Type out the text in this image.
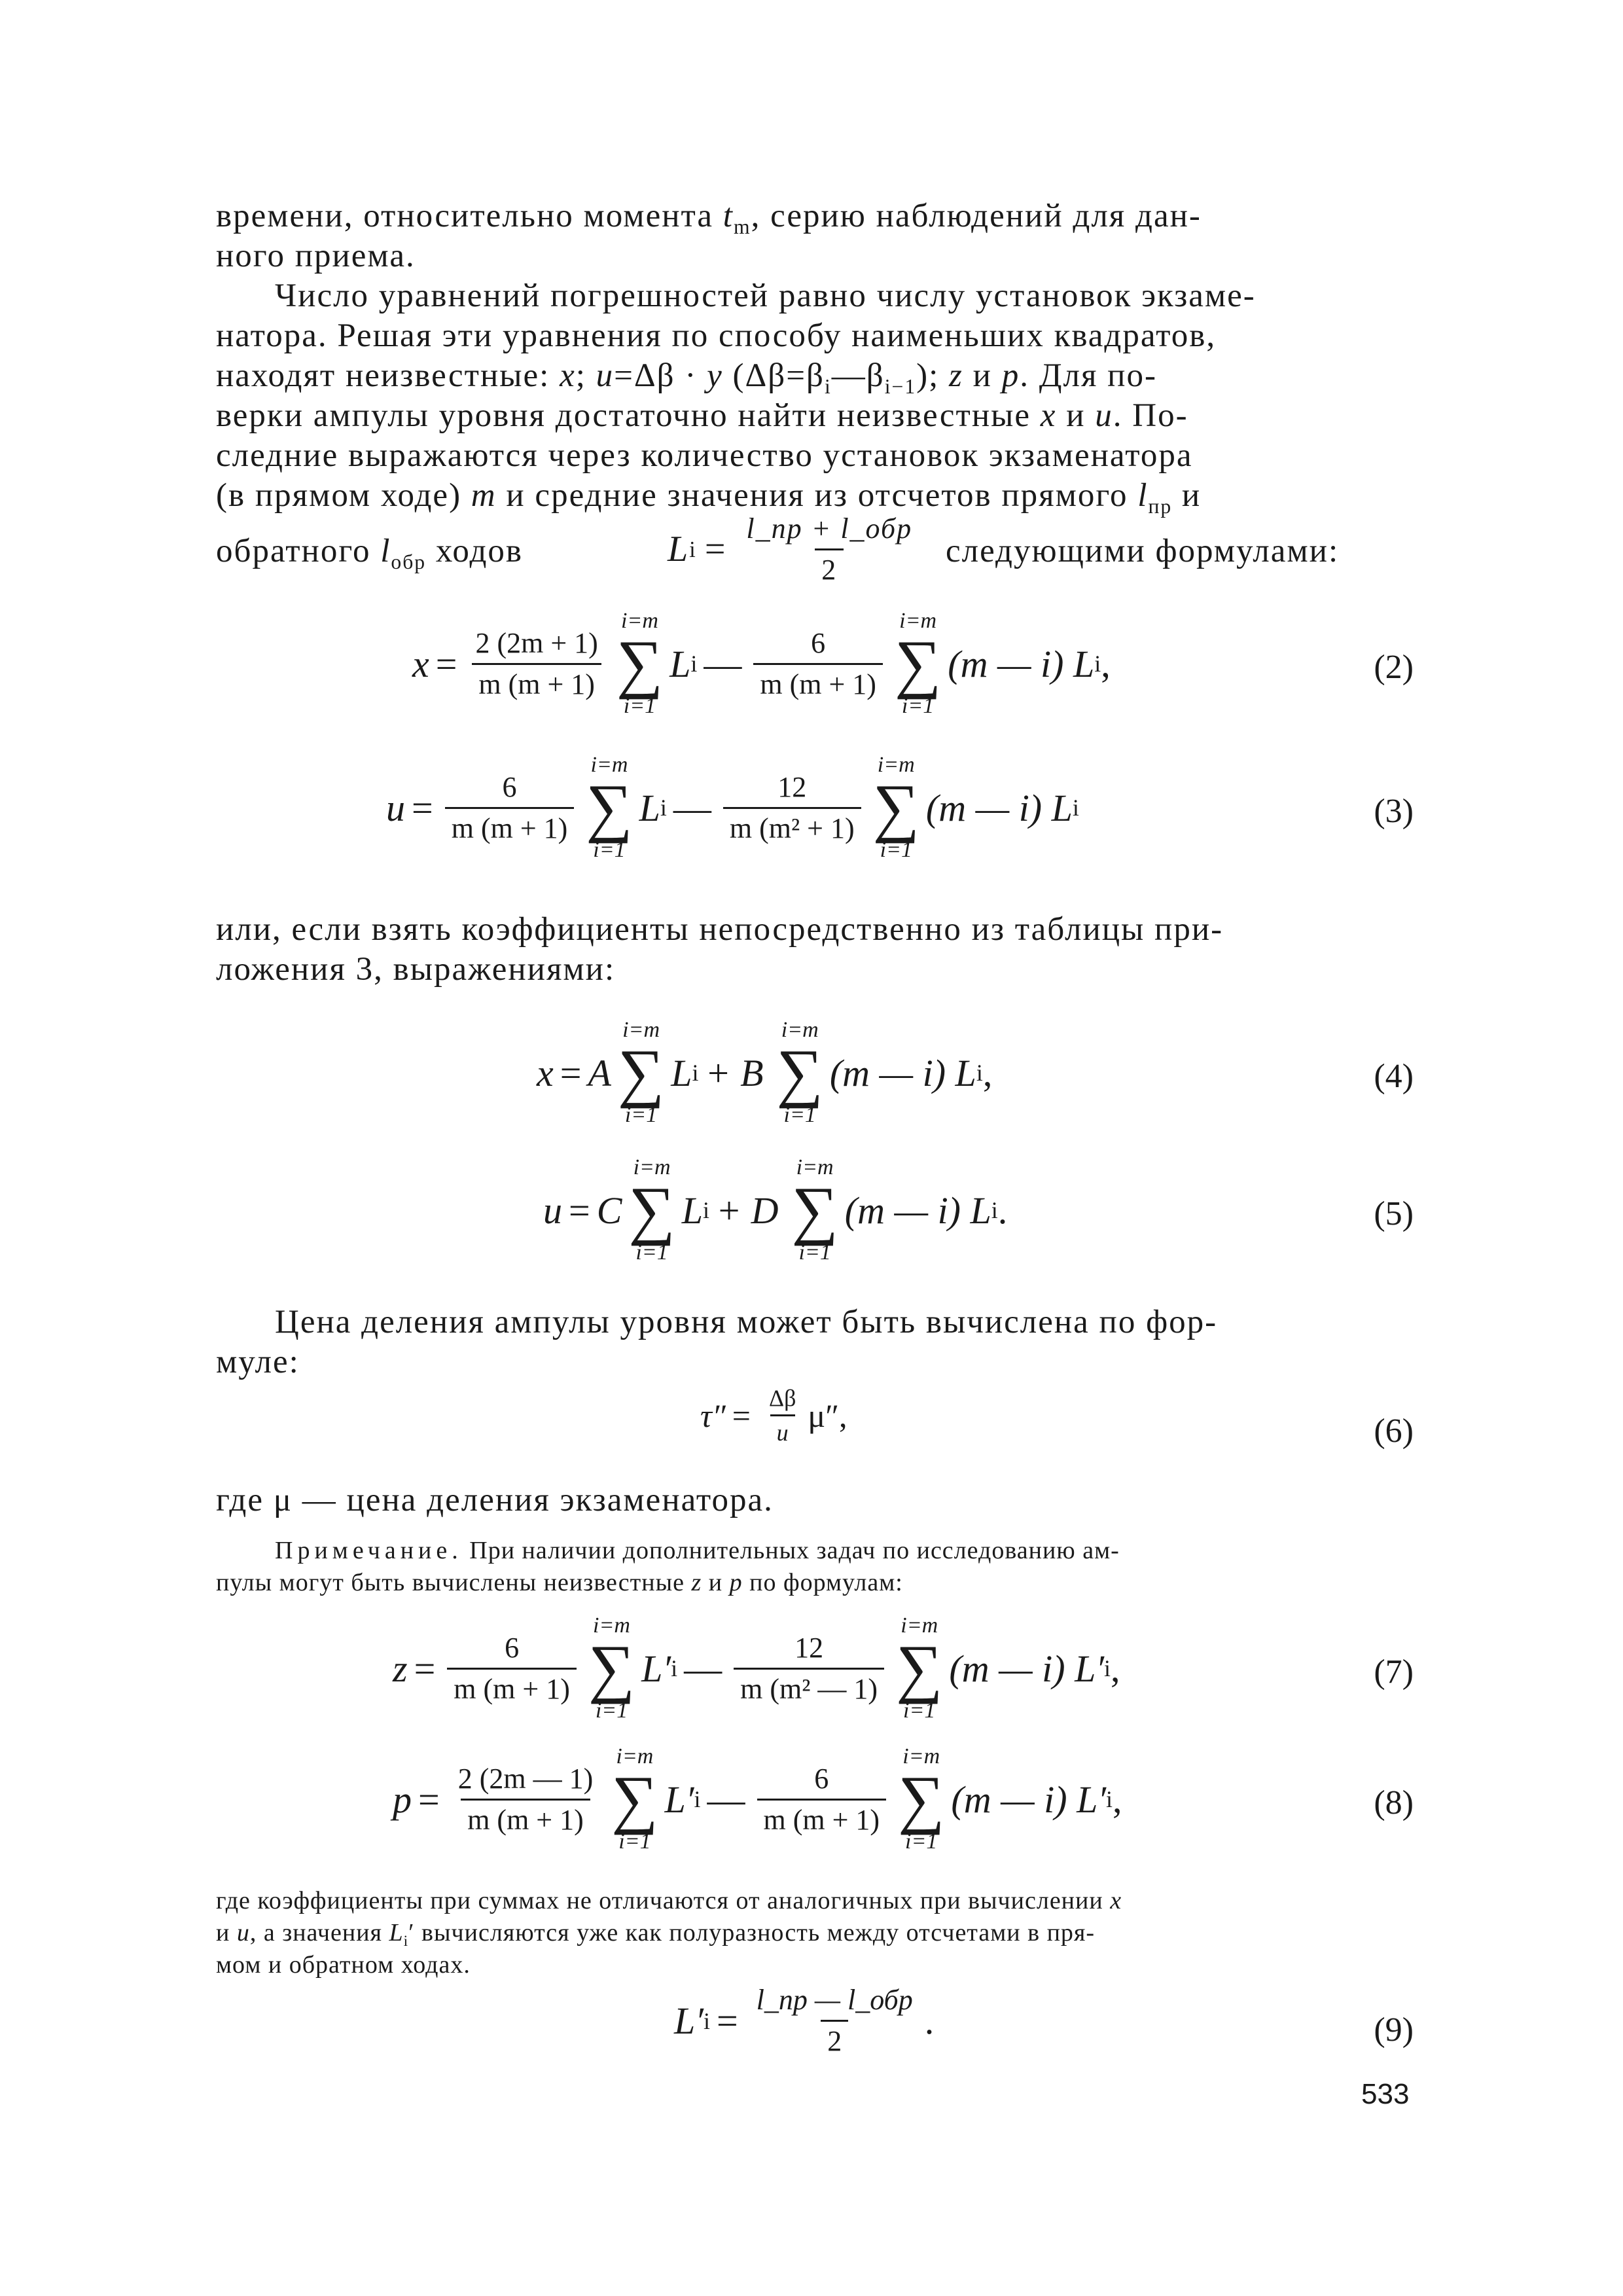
времени, относительно момента $t_m$, серию наблюдений для дан-
ного приема.
Число уравнений погрешностей равно числу установок экзаме-
натора. Решая эти уравнения по способу наименьших квадратов,
находят неизвестные: x; u=Δβ · y $(\Delta\beta=\beta_i—\beta_{i-1})$; z и p. Для по-
верки ампулы уровня достаточно найти неизвестные x и u. По-
следние выражаются через количество установок экзаменатора
(в прямом ходе) m и средние значения из отсчетов прямого $l_{пр}$ и
обратного $l_{обр}$ ходов	L $i = \frac{\text{l\_пр + l\_обр}}{2}$ следующими формулами:
$x = \frac{2 (2m + 1)}{m (m + 1)}$
i=m
∑
i=1
L i — $\frac{6}{m (m + 1)}$
i=m
∑
i=1
(m — i) L i ,	(2)
$u = \frac{6}{m (m + 1)}$
i=m
∑
i=1
L i — $\frac{12}{\text{m (m² + 1)}}$
i=m
∑
i=1
(m — i) L i	(3)
или, если взять коэффициенты непосредственно из таблицы при-
ложения 3, выражениями:
x = A
i=m
∑
i=1
L i + B
i=m
∑
i=1
(m — i) L i ,	(4)
u = C
i=m
∑
i=1
L i + D
i=m
∑
i=1
(m — i) L i .	(5)
Цена деления ампулы уровня может быть вычислена по фор-
муле:
$\tau'' = \frac{\Delta\beta}{u} \mu''$,	(6)
где μ — цена деления экзаменатора.
Примечание. При наличии дополнительных задач по исследованию ам-
пулы могут быть вычислены неизвестные z и p по формулам:
$z = \frac{6}{m (m + 1)}$
i=m
∑
i=1
L′ i — $\frac{12}{\text{m (m² — 1)}}$
i=m
∑
i=1
(m — i) L′ i ,	(7)
$p = \frac{2 (2m — 1)}{m (m + 1)}$
i=m
∑
i=1
L′ i — $\frac{6}{m (m + 1)}$
i=m
∑
i=1
(m — i) L′ i ,	(8)
где коэффициенты при суммах не отличаются от аналогичных при вычислении x
и u, а значения $L_i'$ вычисляются уже как полуразность между отсчетами в пря-
мом и обратном ходах.
L′ $i = \frac{\text{l\_пр — l\_обр}}{2}$ .	(9)
533
